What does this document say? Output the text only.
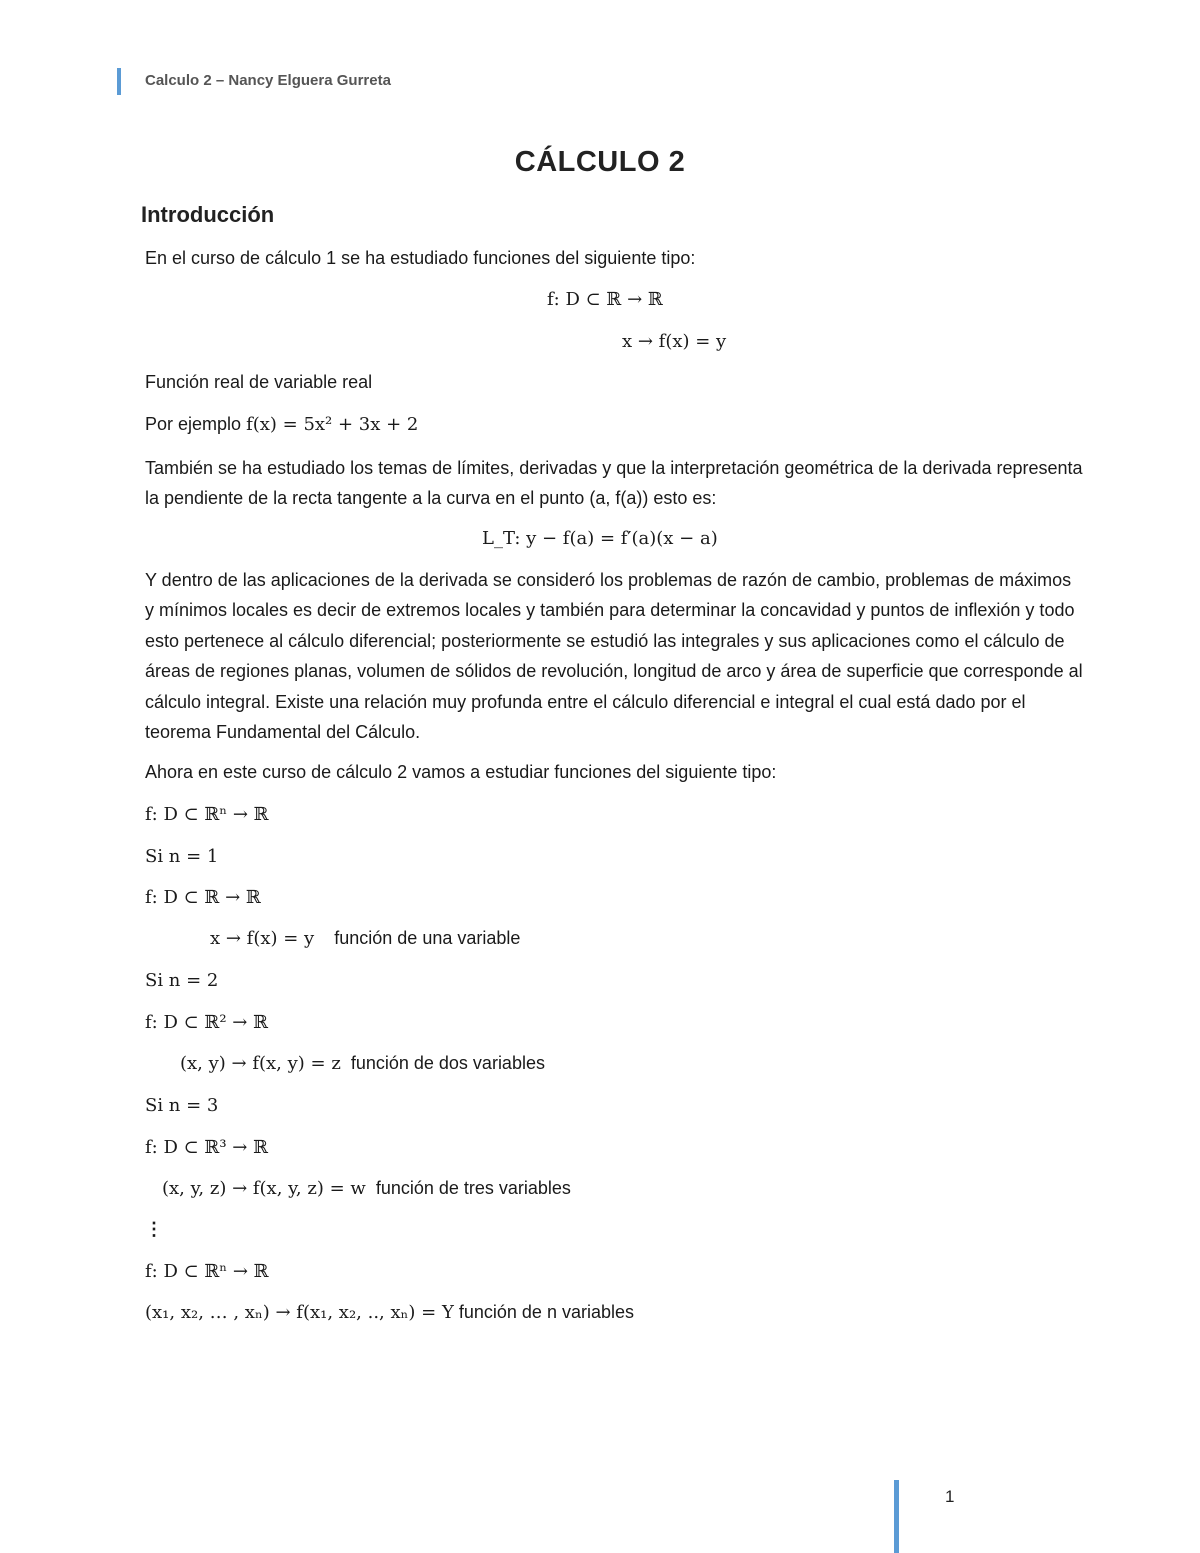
Calculo 2 – Nancy Elguera Gurreta
CÁLCULO 2
Introducción
En el curso de cálculo 1 se ha estudiado funciones del siguiente tipo:
f: D ⊂ ℝ → ℝ
x → f(x) = y
Función real de variable real
Por ejemplo f(x) = 5x² + 3x + 2
También se ha estudiado los temas de límites, derivadas y que la interpretación geométrica de la derivada representa la pendiente de la recta tangente a la curva en el punto (a, f(a)) esto es:
L_T: y − f(a) = f′(a)(x − a)
Y dentro de las aplicaciones de la derivada se consideró los problemas de razón de cambio, problemas de máximos y mínimos locales es decir de extremos locales y también para determinar la concavidad y puntos de inflexión y todo esto pertenece al cálculo diferencial; posteriormente se estudió las integrales y sus aplicaciones como el cálculo de áreas de regiones planas, volumen de sólidos de revolución, longitud de arco y área de superficie que corresponde al cálculo integral. Existe una relación muy profunda entre el cálculo diferencial e integral el cual está dado por el teorema Fundamental del Cálculo.
Ahora en este curso de cálculo 2 vamos a estudiar funciones del siguiente tipo:
f: D ⊂ ℝⁿ → ℝ
Si n = 1
f: D ⊂ ℝ → ℝ
x → f(x) = y función de una variable
Si n = 2
f: D ⊂ ℝ² → ℝ
(x, y) → f(x, y) = z función de dos variables
Si n = 3
f: D ⊂ ℝ³ → ℝ
(x, y, z) → f(x, y, z) = w función de tres variables
⋮
f: D ⊂ ℝⁿ → ℝ
(x₁, x₂, … , xₙ) → f(x₁, x₂, .., xₙ) = Y función de n variables
1
